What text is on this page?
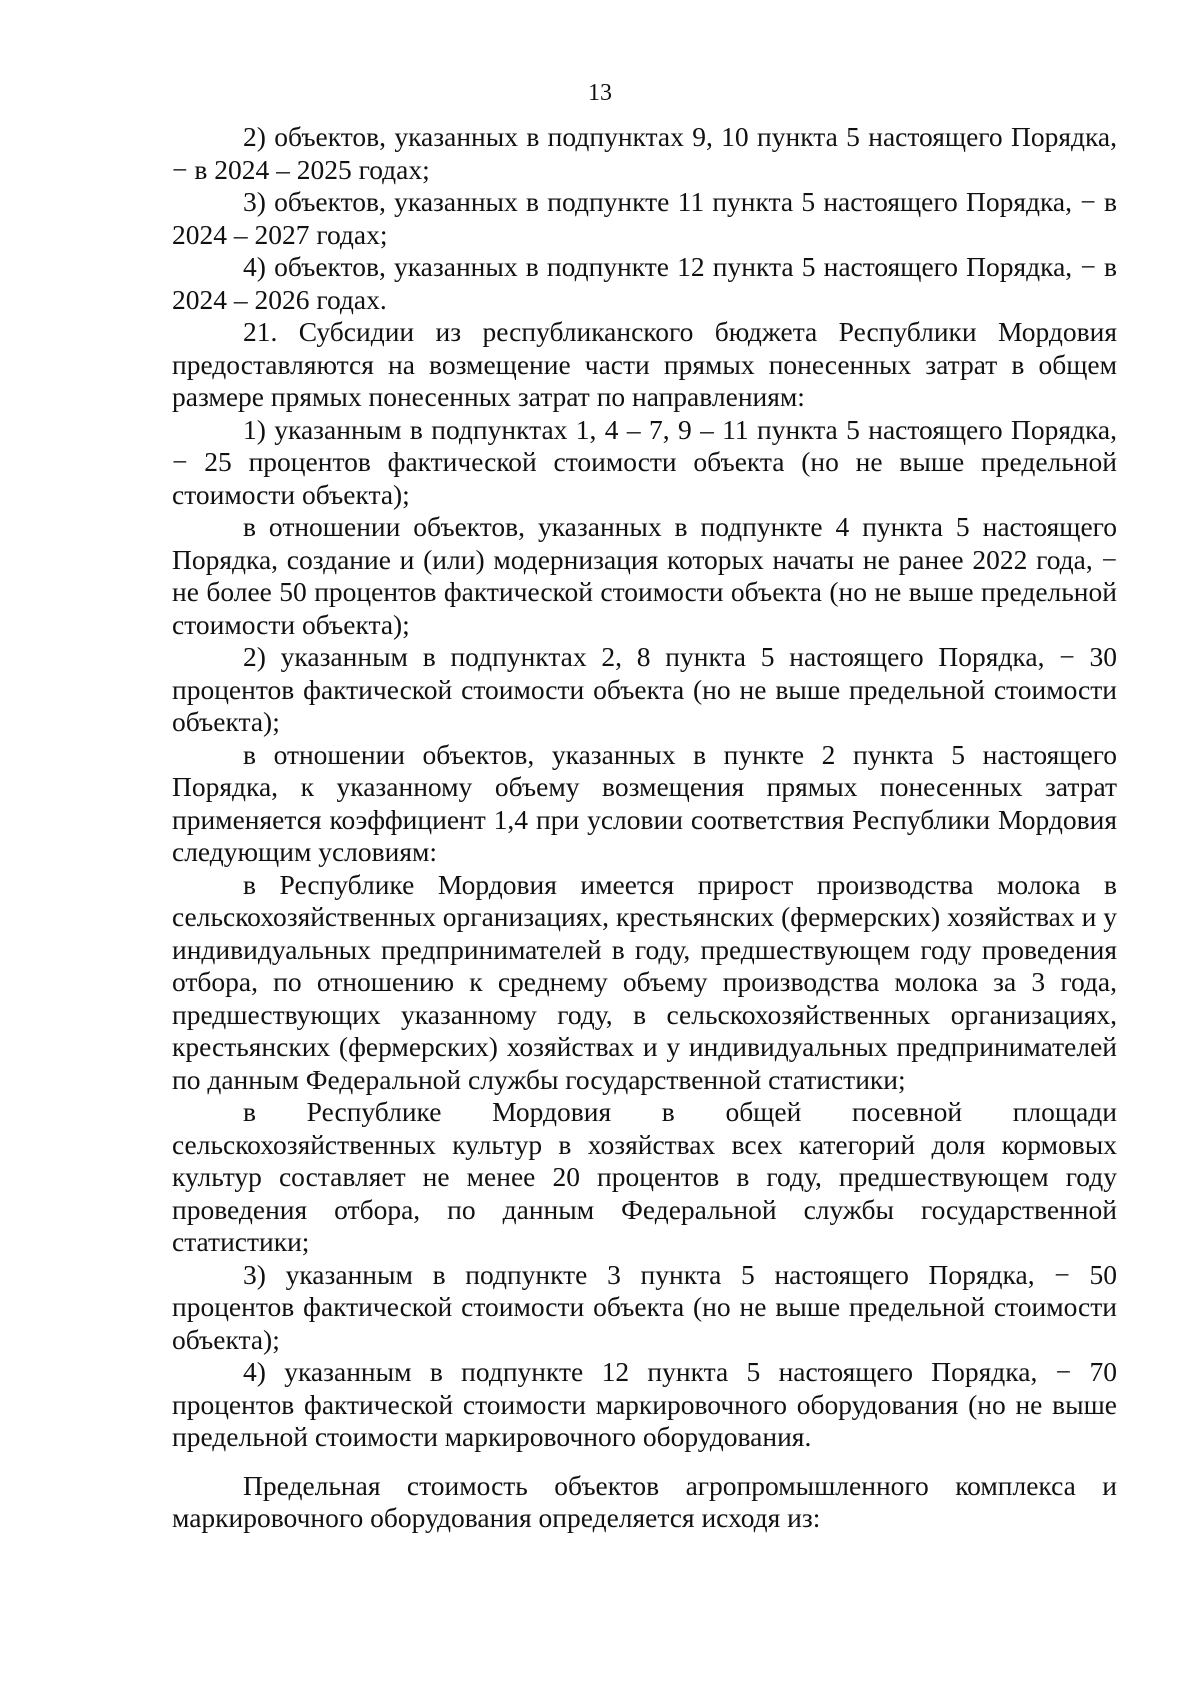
13

2) объектов, указанных в подпунктах 9, 10 пункта 5 настоящего Порядка, − в 2024 – 2025 годах;

3) объектов, указанных в подпункте 11 пункта 5 настоящего Порядка, − в 2024 – 2027 годах;

4) объектов, указанных в подпункте 12 пункта 5 настоящего Порядка, − в 2024 – 2026 годах.

21. Субсидии из республиканского бюджета Республики Мордовия предоставляются на возмещение части прямых понесенных затрат в общем размере прямых понесенных затрат по направлениям:

1) указанным в подпунктах 1, 4 – 7, 9 – 11 пункта 5 настоящего Порядка, − 25 процентов фактической стоимости объекта (но не выше предельной стоимости объекта);

в отношении объектов, указанных в подпункте 4 пункта 5 настоящего Порядка, создание и (или) модернизация которых начаты не ранее 2022 года, − не более 50 процентов фактической стоимости объекта (но не выше предельной стоимости объекта);

2) указанным в подпунктах 2, 8 пункта 5 настоящего Порядка, − 30 процентов фактической стоимости объекта (но не выше предельной стоимости объекта);

в отношении объектов, указанных в пункте 2 пункта 5 настоящего Порядка, к указанному объему возмещения прямых понесенных затрат применяется коэффициент 1,4 при условии соответствия Республики Мордовия следующим условиям:

в Республике Мордовия имеется прирост производства молока в сельскохозяйственных организациях, крестьянских (фермерских) хозяйствах и у индивидуальных предпринимателей в году, предшествующем году проведения отбора, по отношению к среднему объему производства молока за 3 года, предшествующих указанному году, в сельскохозяйственных организациях, крестьянских (фермерских) хозяйствах и у индивидуальных предпринимателей по данным Федеральной службы государственной статистики;

в Республике Мордовия в общей посевной площади сельскохозяйственных культур в хозяйствах всех категорий доля кормовых культур составляет не менее 20 процентов в году, предшествующем году проведения отбора, по данным Федеральной службы государственной статистики;

3) указанным в подпункте 3 пункта 5 настоящего Порядка, − 50 процентов фактической стоимости объекта (но не выше предельной стоимости объекта);

4) указанным в подпункте 12 пункта 5 настоящего Порядка, − 70 процентов фактической стоимости маркировочного оборудования (но не выше предельной стоимости маркировочного оборудования.

Предельная стоимость объектов агропромышленного комплекса и маркировочного оборудования определяется исходя из:
